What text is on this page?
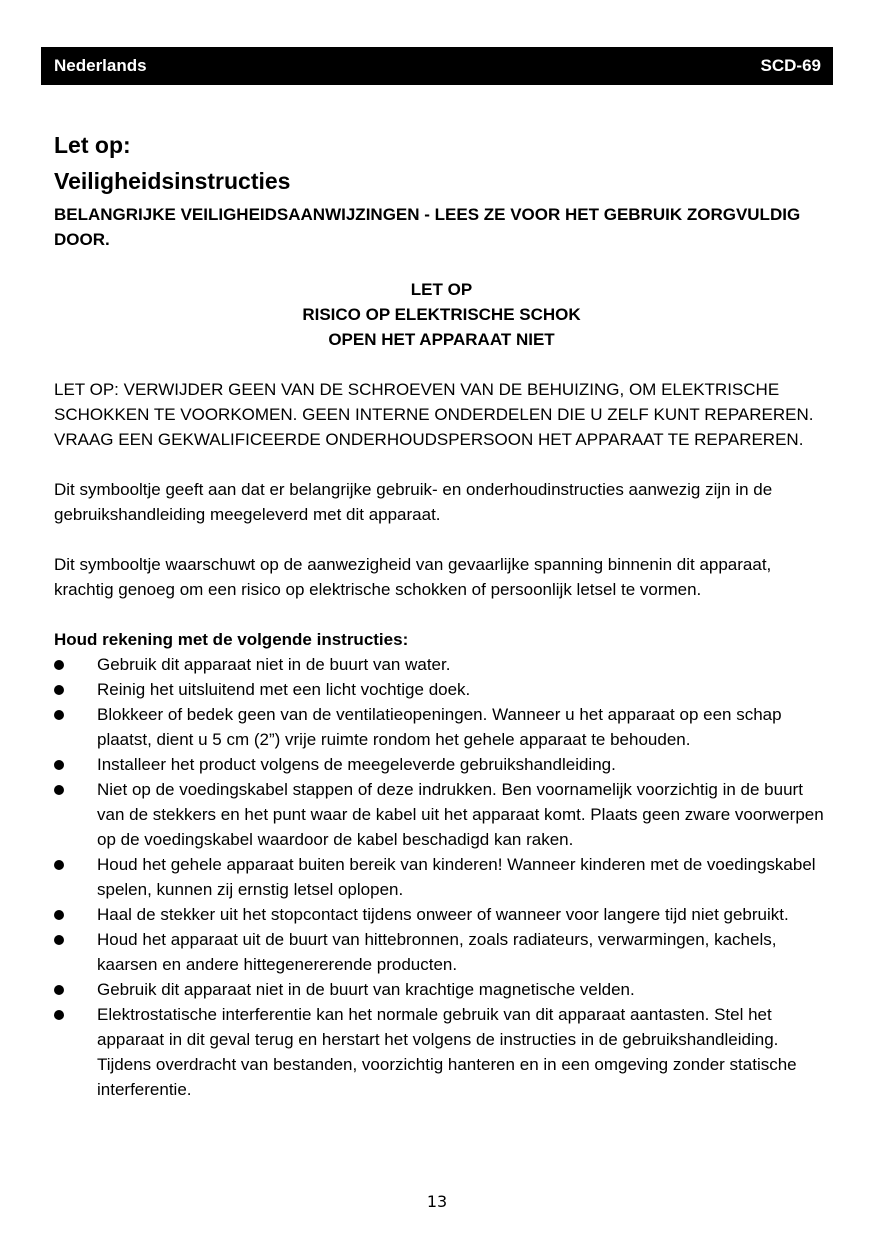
Nederlands	SCD-69

Let op:

Veiligheidsinstructies

BELANGRIJKE VEILIGHEIDSAANWIJZINGEN - LEES ZE VOOR HET GEBRUIK ZORGVULDIG DOOR.

LET OP
RISICO OP ELEKTRISCHE SCHOK
OPEN HET APPARAAT NIET

LET OP: VERWIJDER GEEN VAN DE SCHROEVEN VAN DE BEHUIZING, OM ELEKTRISCHE SCHOKKEN TE VOORKOMEN. GEEN INTERNE ONDERDELEN DIE U ZELF KUNT REPAREREN. VRAAG EEN GEKWALIFICEERDE ONDERHOUDSPERSOON HET APPARAAT TE REPAREREN.

Dit symbooltje geeft aan dat er belangrijke gebruik- en onderhoudinstructies aanwezig zijn in de gebruikshandleiding meegeleverd met dit apparaat.

Dit symbooltje waarschuwt op de aanwezigheid van gevaarlijke spanning binnenin dit apparaat, krachtig genoeg om een risico op elektrische schokken of persoonlijk letsel te vormen.

Houd rekening met de volgende instructies:

Gebruik dit apparaat niet in de buurt van water.
Reinig het uitsluitend met een licht vochtige doek.
Blokkeer of bedek geen van de ventilatieopeningen. Wanneer u het apparaat op een schap plaatst, dient u 5 cm (2”) vrije ruimte rondom het gehele apparaat te behouden.
Installeer het product volgens de meegeleverde gebruikshandleiding.
Niet op de voedingskabel stappen of deze indrukken. Ben voornamelijk voorzichtig in de buurt van de stekkers en het punt waar de kabel uit het apparaat komt. Plaats geen zware voorwerpen op de voedingskabel waardoor de kabel beschadigd kan raken.
Houd het gehele apparaat buiten bereik van kinderen! Wanneer kinderen met de voedingskabel spelen, kunnen zij ernstig letsel oplopen.
Haal de stekker uit het stopcontact tijdens onweer of wanneer voor langere tijd niet gebruikt.
Houd het apparaat uit de buurt van hittebronnen, zoals radiateurs, verwarmingen, kachels, kaarsen en andere hittegenererende producten.
Gebruik dit apparaat niet in de buurt van krachtige magnetische velden.
Elektrostatische interferentie kan het normale gebruik van dit apparaat aantasten. Stel het apparaat in dit geval terug en herstart het volgens de instructies in de gebruikshandleiding. Tijdens overdracht van bestanden, voorzichtig hanteren en in een omgeving zonder statische interferentie.
13
